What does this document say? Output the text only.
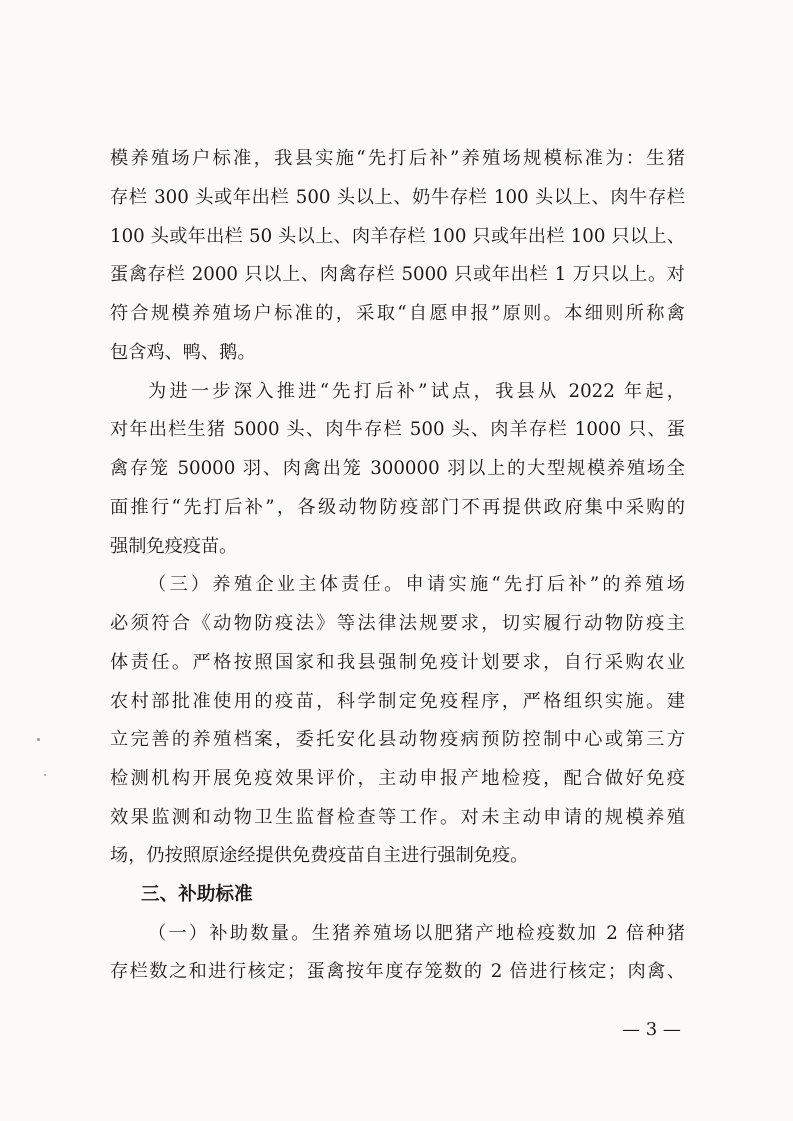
模养殖场户标准，我县实施“先打后补”养殖场规模标准为：生猪
存栏 300 头或年出栏 500 头以上、奶牛存栏 100 头以上、肉牛存栏
100 头或年出栏 50 头以上、肉羊存栏 100 只或年出栏 100 只以上、
蛋禽存栏 2000 只以上、肉禽存栏 5000 只或年出栏 1 万只以上。对
符合规模养殖场户标准的，采取“自愿申报”原则。本细则所称禽
包含鸡、鸭、鹅。
为进一步深入推进“先打后补”试点，我县从 2022 年起，
对年出栏生猪 5000 头、肉牛存栏 500 头、肉羊存栏 1000 只、蛋
禽存笼 50000 羽、肉禽出笼 300000 羽以上的大型规模养殖场全
面推行“先打后补”，各级动物防疫部门不再提供政府集中采购的
强制免疫疫苗。
（三）养殖企业主体责任。申请实施“先打后补”的养殖场
必须符合《动物防疫法》等法律法规要求，切实履行动物防疫主
体责任。严格按照国家和我县强制免疫计划要求，自行采购农业
农村部批准使用的疫苗，科学制定免疫程序，严格组织实施。建
立完善的养殖档案，委托安化县动物疫病预防控制中心或第三方
检测机构开展免疫效果评价，主动申报产地检疫，配合做好免疫
效果监测和动物卫生监督检查等工作。对未主动申请的规模养殖
场，仍按照原途经提供免费疫苗自主进行强制免疫。
三、补助标准
（一）补助数量。生猪养殖场以肥猪产地检疫数加 2 倍种猪
存栏数之和进行核定；蛋禽按年度存笼数的 2 倍进行核定；肉禽、
— 3 —
